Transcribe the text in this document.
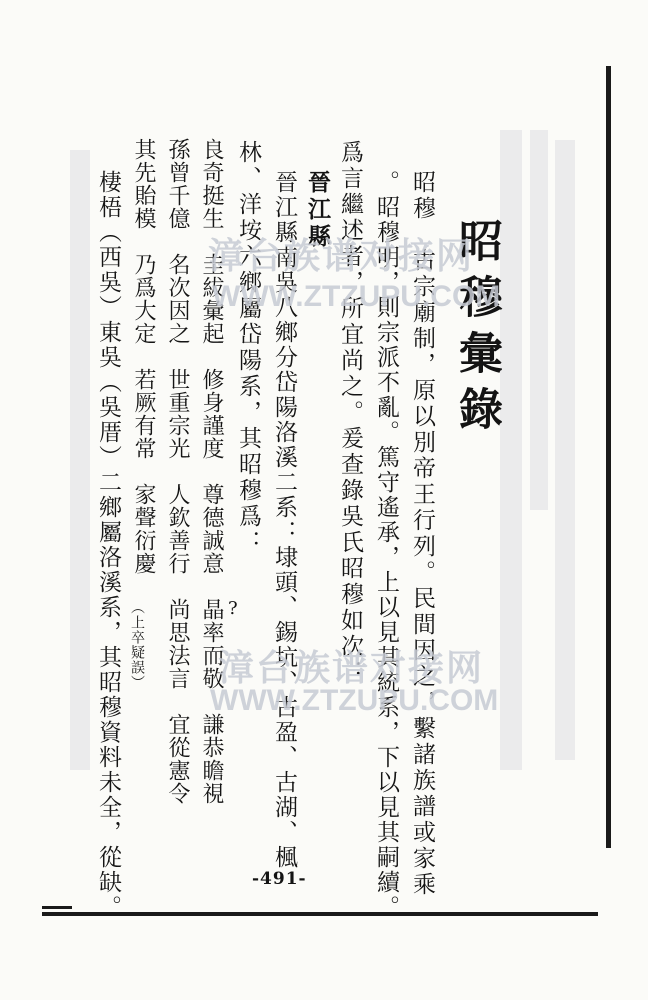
昭穆彙錄
昭穆　古宗廟制，原以別帝王行列。民間因之，繫諸族譜或家乘
。昭穆明，則宗派不亂。篤守遙承，上以見其統系，下以見其嗣續。
爲言繼述者，所宜尚之。爰查錄吳氏昭穆如次：
晉江縣
晉江縣南吳八鄉分岱陽洛溪二系：埭頭、錫坑、古盈、古湖、楓
林、洋垵六鄉屬岱陽系，其昭穆爲：
良奇挺生　圭紱彙起　修身謹度　尊德誠意　晶率而敬　謙恭瞻視
孫曾千億　名次因之　世重宗光　人欽善行　尚思法言　宜從憲令
其先貽模　乃爲大定　若厥有常　家聲衍慶
棲梧（西吳）東吳（吳厝）二鄉屬洛溪系，其昭穆資料未全，從缺。 （上卒疑誤）	?
-491-
漳台族谱对接网
WWW.ZTZUPU.COM
漳台族谱对接网
WWW.ZTZUPU.COM
